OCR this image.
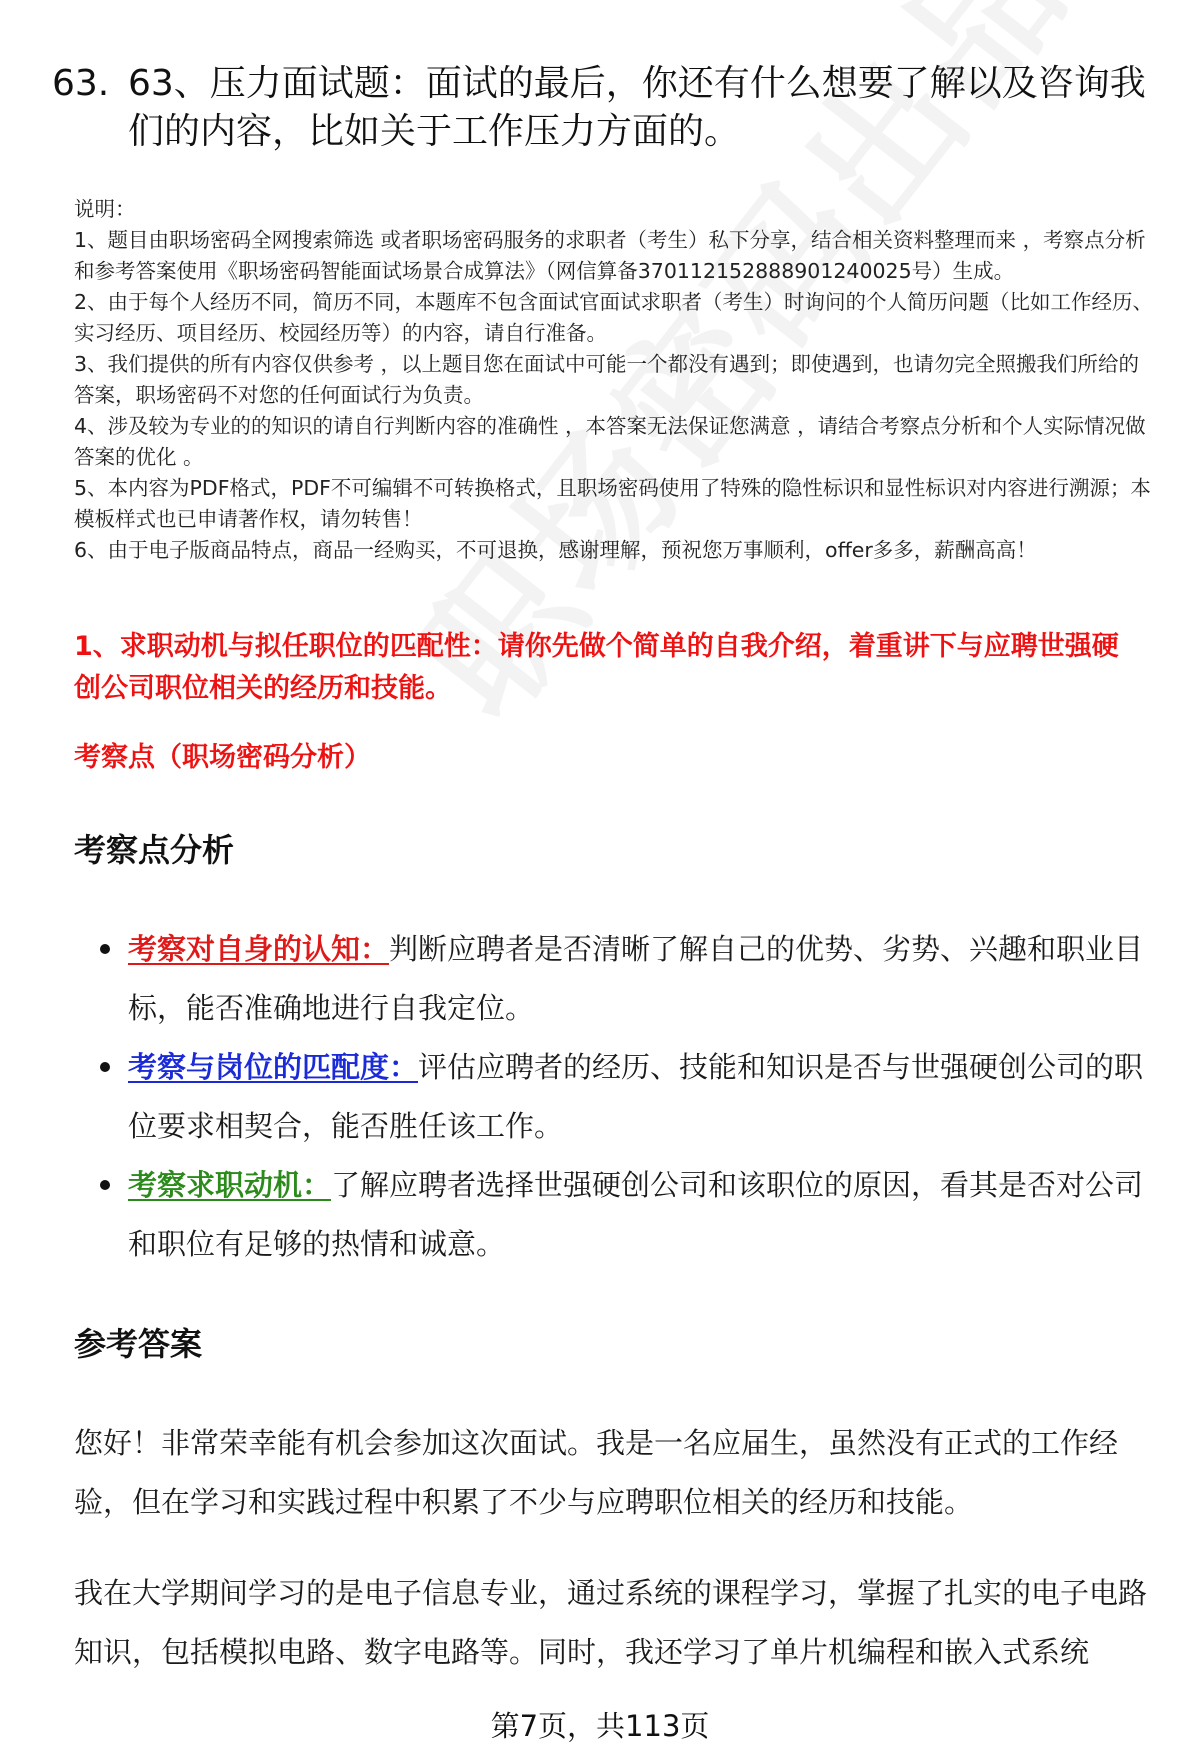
63. 63、压力面试题：面试的最后，你还有什么想要了解以及咨询我们的内容，比如关于工作压力方面的。

说明：

1、题目由职场密码全网搜索筛选 或者职场密码服务的求职者（考生）私下分享，结合相关资料整理而来 ，考察点分析和参考答案使用《职场密码智能面试场景合成算法》（网信算备370112152888901240025号）生成。

2、由于每个人经历不同，简历不同，本题库不包含面试官面试求职者（考生）时询问的个人简历问题（比如工作经历、实习经历、项目经历、校园经历等）的内容，请自行准备。

3、我们提供的所有内容仅供参考 ，以上题目您在面试中可能一个都没有遇到；即使遇到，也请勿完全照搬我们所给的答案，职场密码不对您的任何面试行为负责。

4、涉及较为专业的的知识的请自行判断内容的准确性 ，本答案无法保证您满意 ，请结合考察点分析和个人实际情况做答案的优化 。

5、本内容为PDF格式，PDF不可编辑不可转换格式，且职场密码使用了特殊的隐性标识和显性标识对内容进行溯源；本模板样式也已申请著作权，请勿转售！

6、由于电子版商品特点，商品一经购买，不可退换，感谢理解，预祝您万事顺利，offer多多，薪酬高高！

1、求职动机与拟任职位的匹配性：请你先做个简单的自我介绍，着重讲下与应聘世强硬创公司职位相关的经历和技能。
考察点（职场密码分析）
考察点分析
考察对自身的认知：判断应聘者是否清晰了解自己的优势、劣势、兴趣和职业目标，能否准确地进行自我定位。
考察与岗位的匹配度：评估应聘者的经历、技能和知识是否与世强硬创公司的职位要求相契合，能否胜任该工作。
考察求职动机：了解应聘者选择世强硬创公司和该职位的原因，看其是否对公司和职位有足够的热情和诚意。
参考答案

您好！非常荣幸能有机会参加这次面试。我是一名应届生，虽然没有正式的工作经验，但在学习和实践过程中积累了不少与应聘职位相关的经历和技能。

我在大学期间学习的是电子信息专业，通过系统的课程学习，掌握了扎实的电子电路知识，包括模拟电路、数字电路等。同时，我还学习了单片机编程和嵌入式系统

第7页，共113页
